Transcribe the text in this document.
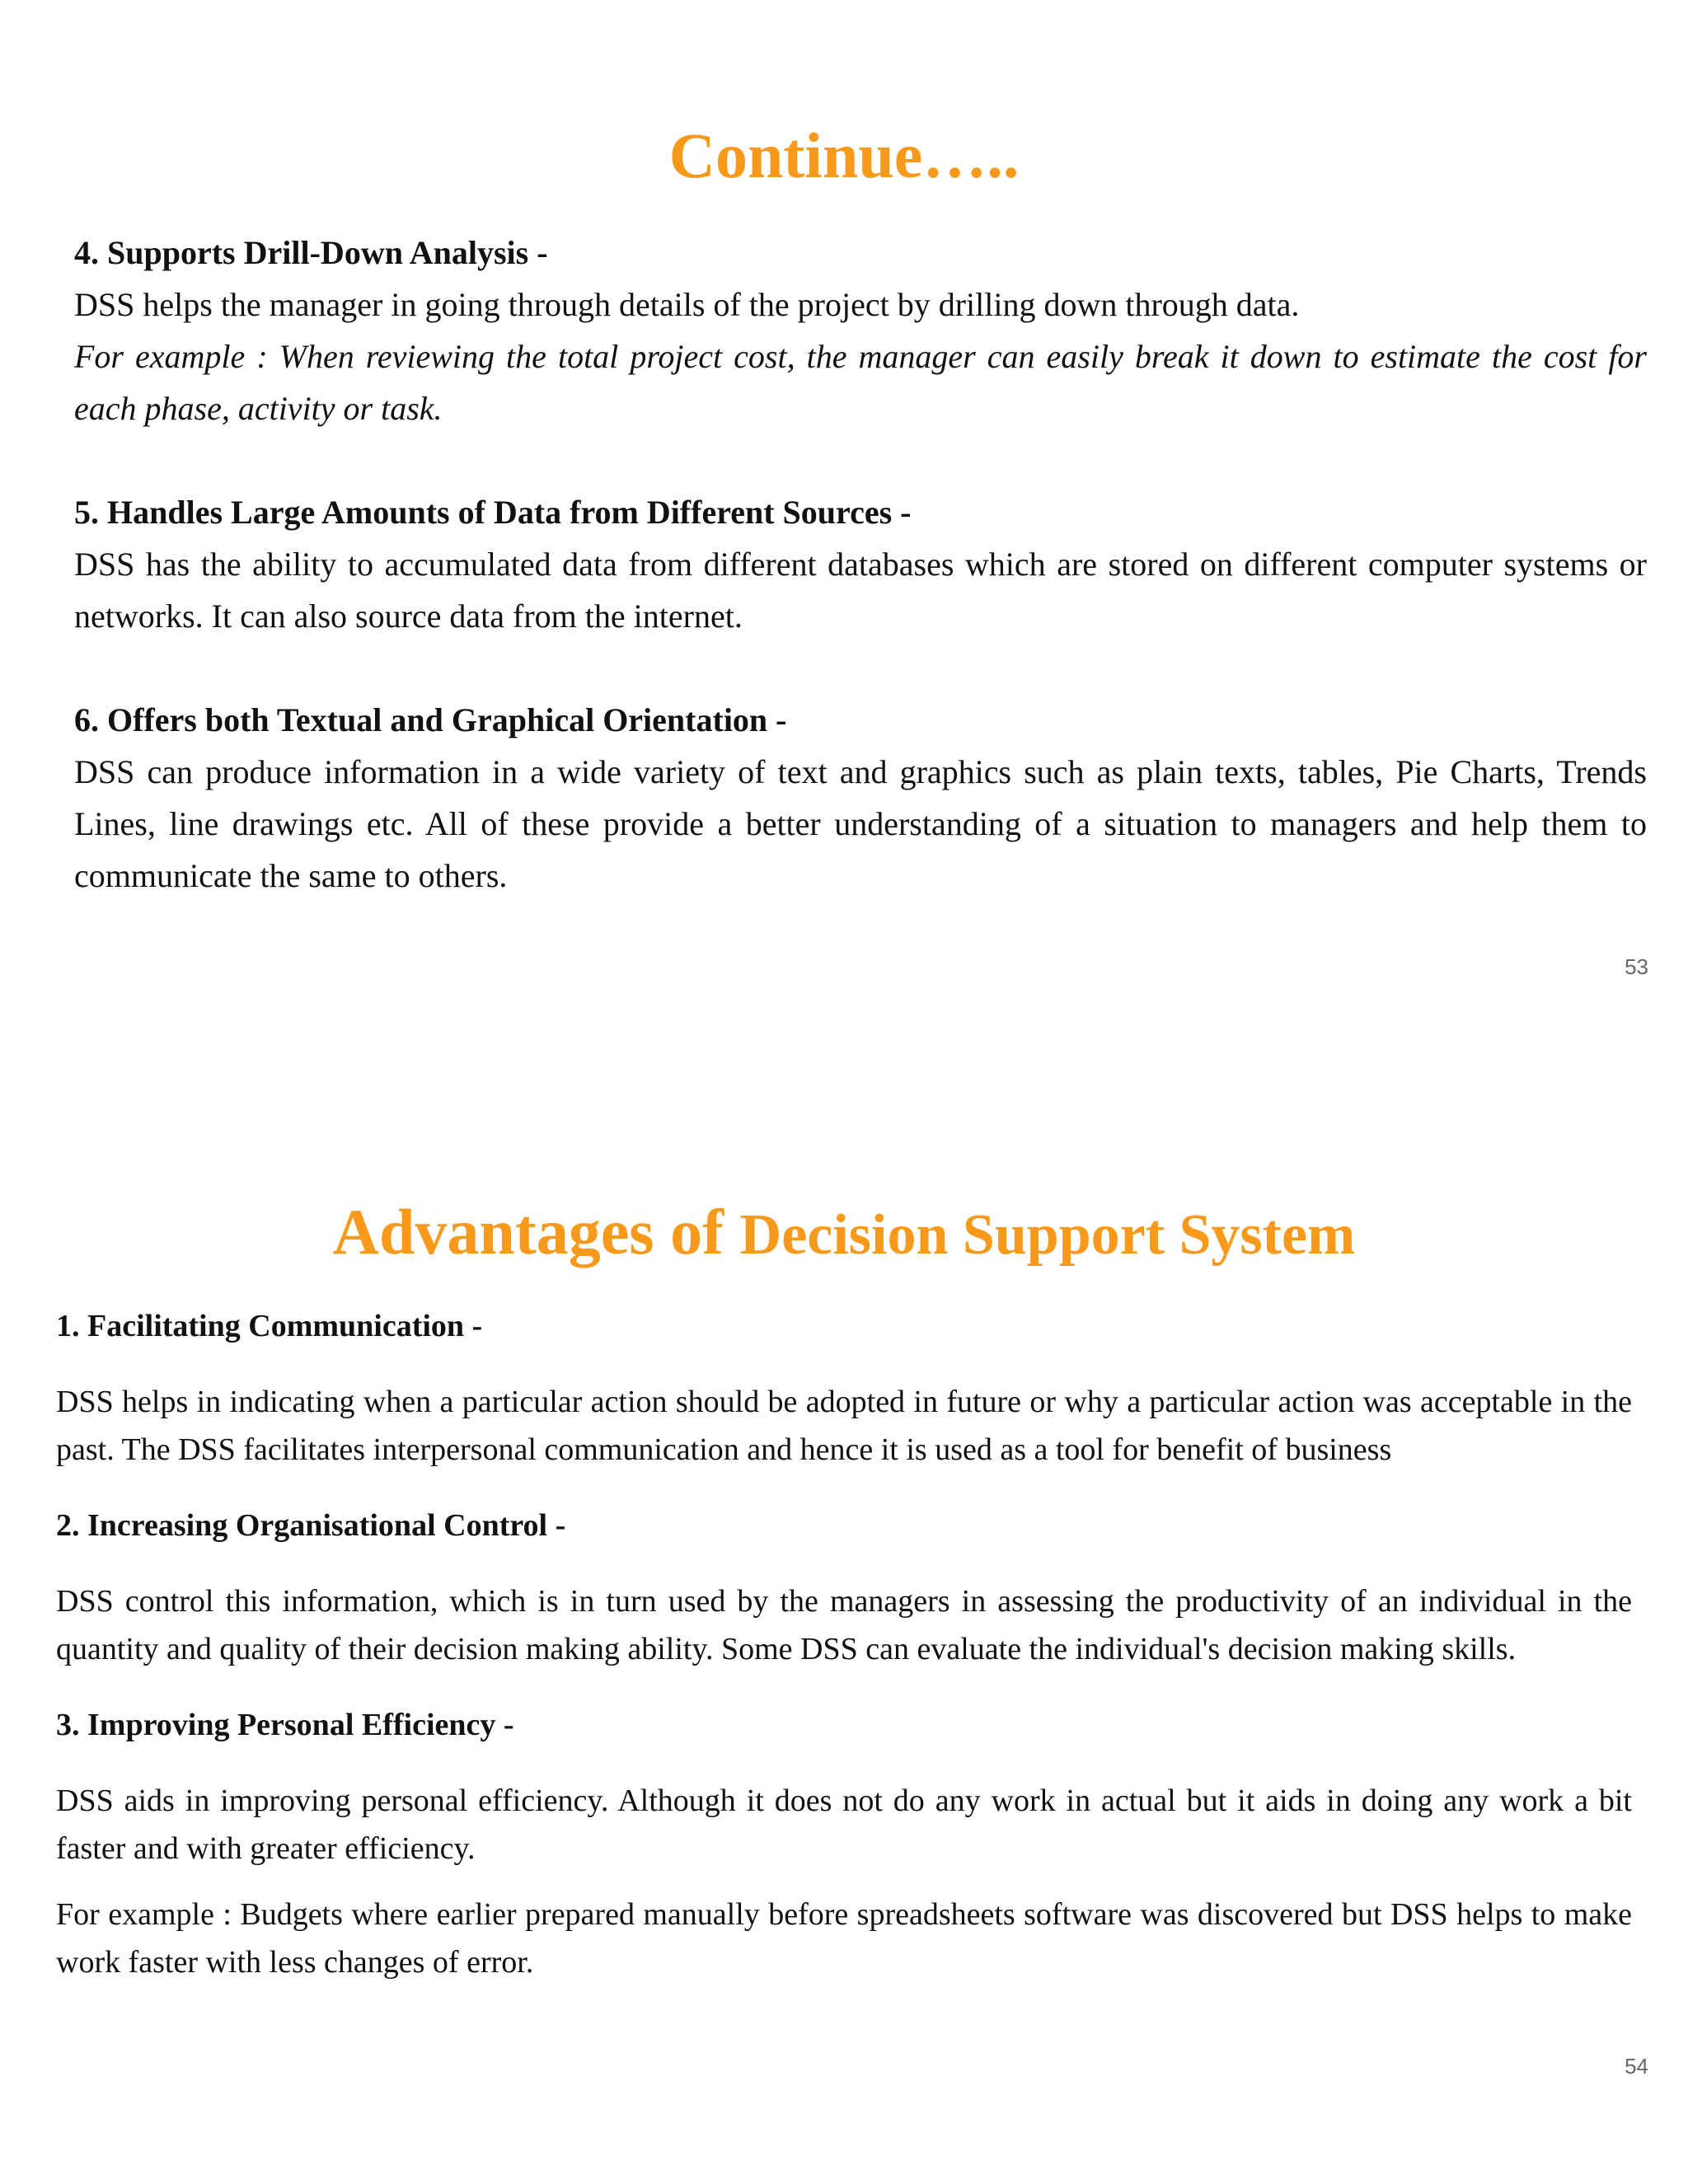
Continue…..

4. Supports Drill-Down Analysis -

DSS helps the manager in going through details of the project by drilling down through data.

For example : When reviewing the total project cost, the manager can easily break it down to estimate the cost for each phase, activity or task.

5. Handles Large Amounts of Data from Different Sources -

DSS has the ability to accumulated data from different databases which are stored on different computer systems or networks. It can also source data from the internet.

6. Offers both Textual and Graphical Orientation -

DSS can produce information in a wide variety of text and graphics such as plain texts, tables, Pie Charts, Trends Lines, line drawings etc. All of these provide a better understanding of a situation to managers and help them to communicate the same to others.

53
Advantages of Decision Support System

1. Facilitating Communication -

DSS helps in indicating when a particular action should be adopted in future or why a particular action was acceptable in the past. The DSS facilitates interpersonal communication and hence it is used as a tool for benefit of business

2. Increasing Organisational Control -

DSS control this information, which is in turn used by the managers in assessing the productivity of an individual in the quantity and quality of their decision making ability. Some DSS can evaluate the individual's decision making skills.

3. Improving Personal Efficiency -

DSS aids in improving personal efficiency. Although it does not do any work in actual but it aids in doing any work a bit faster and with greater efficiency.

For example : Budgets where earlier prepared manually before spreadsheets software was discovered but DSS helps to make work faster with less changes of error.

54
